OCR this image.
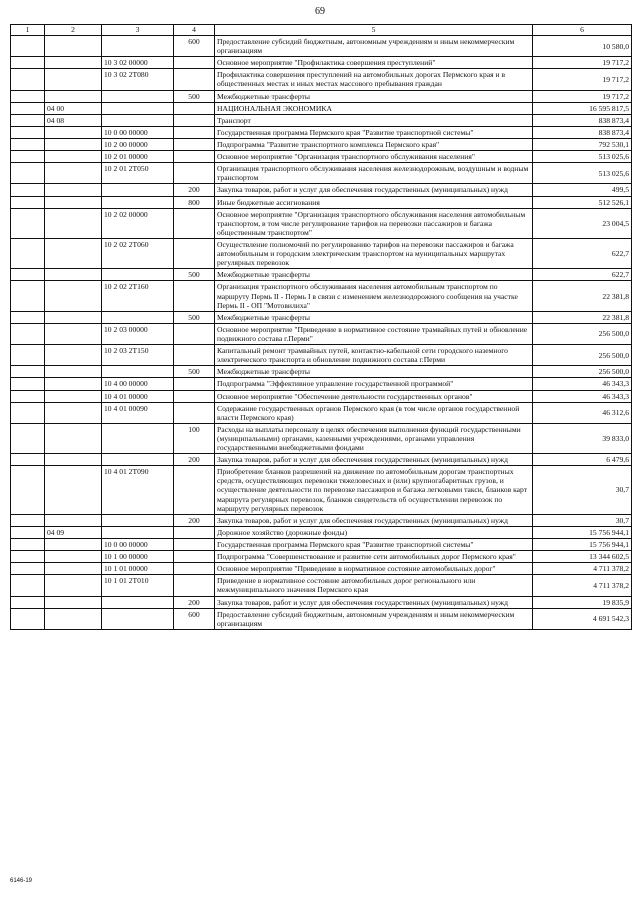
69
1	2	3	4	5	6
			600	Предоставление субсидий бюджетным, автономным учреждениям и иным некоммерческим организациям	10 580,0
		10 3 02 00000		Основное мероприятие "Профилактика совершения преступлений"	19 717,2
		10 3 02 2Т080		Профилактика совершения преступлений на автомобильных дорогах Пермского края и в общественных местах и иных местах массового пребывания граждан	19 717,2
			500	Межбюджетные трансферты	19 717,2
	04 00			НАЦИОНАЛЬНАЯ ЭКОНОМИКА	16 595 817,5
	04 08			Транспорт	838 873,4
		10 0 00 00000		Государственная программа Пермского края "Развитие транспортной системы"	838 873,4
		10 2 00 00000		Подпрограмма "Развитие транспортного комплекса Пермского края"	792 530,1
		10 2 01 00000		Основное мероприятие "Организация транспортного обслуживания населения"	513 025,6
		10 2 01 2Т050		Организация транспортного обслуживания населения железнодорожным, воздушным и водным транспортом	513 025,6
			200	Закупка товаров, работ и услуг для обеспечения государственных (муниципальных) нужд	499,5
			800	Иные бюджетные ассигнования	512 526,1
		10 2 02 00000		Основное мероприятие "Организация транспортного обслуживания населения автомобильным транспортом, в том числе регулирование тарифов на перевозки пассажиров и багажа общественным транспортом"	23 004,5
		10 2 02 2Т060		Осуществление полномочий по регулированию тарифов на перевозки пассажиров и багажа автомобильным и городским электрическим транспортом на муниципальных маршрутах регулярных перевозок	622,7
			500	Межбюджетные трансферты	622,7
		10 2 02 2Т160		Организация транспортного обслуживания населения автомобильным транспортом по маршруту Пермь II - Пермь I в связи с изменением железнодорожного сообщения на участке Пермь II - ОП "Мотовилиха"	22 381,8
			500	Межбюджетные трансферты	22 381,8
		10 2 03 00000		Основное мероприятие "Приведение в нормативное состояние трамвайных путей и обновление подвижного состава г.Перми"	256 500,0
		10 2 03 2Т150		Капитальный ремонт трамвайных путей, контактно-кабельной сети городского наземного электрического транспорта и обновление подвижного состава г.Перми	256 500,0
			500	Межбюджетные трансферты	256 500,0
		10 4 00 00000		Подпрограмма "Эффективное управление государственной программой"	46 343,3
		10 4 01 00000		Основное мероприятие "Обеспечение деятельности государственных органов"	46 343,3
		10 4 01 00090		Содержание государственных органов Пермского края (в том числе органов государственной власти Пермского края)	46 312,6
			100	Расходы на выплаты персоналу в целях обеспечения выполнения функций государственными (муниципальными) органами, казенными учреждениями, органами управления государственными внебюджетными фондами	39 833,0
			200	Закупка товаров, работ и услуг для обеспечения государственных (муниципальных) нужд	6 479,6
		10 4 01 2Т090		Приобретение бланков разрешений на движение по автомобильным дорогам транспортных средств, осуществляющих перевозки тяжеловесных и (или) крупногабаритных грузов, и осуществление деятельности по перевозке пассажиров и багажа легковыми такси, бланков карт маршрута регулярных перевозок, бланков свидетельств об осуществлении перевозок по маршруту регулярных перевозок	30,7
			200	Закупка товаров, работ и услуг для обеспечения государственных (муниципальных) нужд	30,7
	04 09			Дорожное хозяйство (дорожные фонды)	15 756 944,1
		10 0 00 00000		Государственная программа Пермского края "Развитие транспортной системы"	15 756 944,1
		10 1 00 00000		Подпрограмма "Совершенствование и развитие сети автомобильных дорог Пермского края"	13 344 602,5
		10 1 01 00000		Основное мероприятие "Приведение в нормативное состояние автомобильных дорог"	4 711 378,2
		10 1 01 2Т010		Приведение в нормативное состояние автомобильных дорог регионального или межмуниципального значения Пермского края	4 711 378,2
			200	Закупка товаров, работ и услуг для обеспечения государственных (муниципальных) нужд	19 835,9
			600	Предоставление субсидий бюджетным, автономным учреждениям и иным некоммерческим организациям	4 691 542,3
6146-19
